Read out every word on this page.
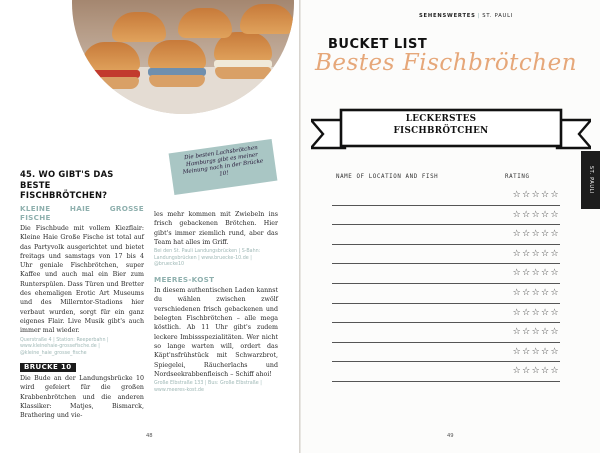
Die besten Lachsbrötchen Hamburgs gibt es meiner Meinung nach in der Brücke 10!
45. WO GIBT'S DAS BESTE FISCHBRÖTCHEN?
KLEINE HAIE GROSSE FISCHE

Die Fischbude mit vollem Kiezflair: Kleine Haie Große Fische ist total auf das Partyvolk ausgerichtet und bietet freitags und samstags von 17 bis 4 Uhr geniale Fischbrötchen, super Kaffee und auch mal ein Bier zum Runterspülen. Dass Türen und Bretter des ehemaligen Erotic Art Museums und des Millerntor-Stadions hier verbaut wurden, sorgt für ein ganz eigenes Flair. Live Musik gibt's auch immer mal wieder.

Querstraße 4 | Station: Reeperbahn | www.kleinehaie-grossefische.de | @kleine_haie_grosse_fische

BRÜCKE 10

Die Bude an der Landungsbrücke 10 wird gefeiert für die großen Krabbenbrötchen und die anderen Klassiker: Matjes, Bismarck, Brathering und vie-

les mehr kommen mit Zwiebeln ins frisch gebackenen Brötchen. Hier gibt's immer ziemlich rund, aber das Team hat alles im Griff.

Bei den St. Pauli Landungsbrücken | S-Bahn: Landungsbrücken | www.bruecke-10.de | @bruecke10

MEERES-KOST

In diesem authentischen Laden kannst du wählen zwischen zwölf verschiedenen frisch gebackenen und belegten Fischbrötchen – alle mega köstlich. Ab 11 Uhr gibt's zudem leckere Imbissspezialitäten. Wer nicht so lange warten will, ordert das Käpt'nsfrühstück mit Schwarzbrot, Spiegelei, Räucherlachs und Nordseekrabbenfleisch – Schiff ahoi!

Große Elbstraße 133 | Bus: Große Elbstraße | www.meeres-kost.de

48
SEHENSWERTES | ST. PAULI
BUCKET LIST
Bestes Fischbrötchen
LECKERSTES
FISCHBRÖTCHEN
NAME OF LOCATION AND FISH	RATING
☆☆☆☆☆
☆☆☆☆☆
☆☆☆☆☆
☆☆☆☆☆
☆☆☆☆☆
☆☆☆☆☆
☆☆☆☆☆
☆☆☆☆☆
☆☆☆☆☆
☆☆☆☆☆
ST. PAULI
49
